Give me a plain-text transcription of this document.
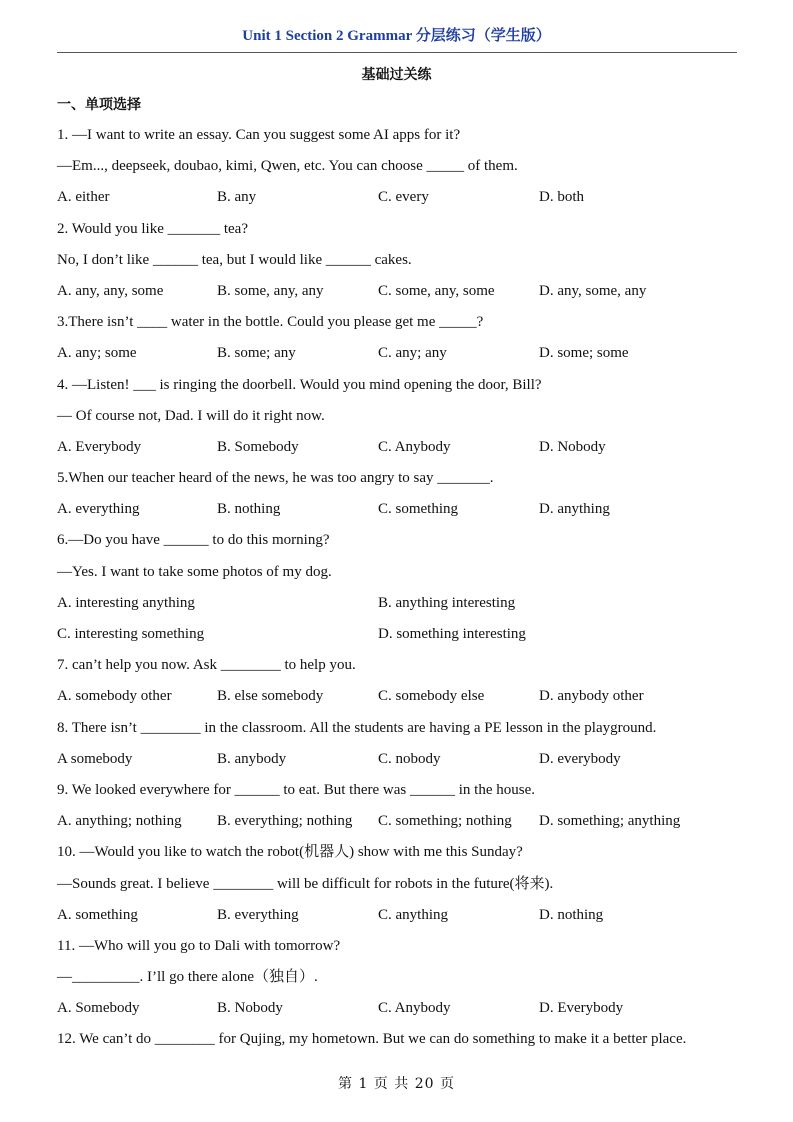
Unit 1 Section 2 Grammar 分层练习（学生版）
基础过关练
一、单项选择
1. —I want to write an essay. Can you suggest some AI apps for it?
—Em..., deepseek, doubao, kimi, Qwen, etc. You can choose _____ of them.
A. either	B. any	C. every	D. both
2. Would you like _______ tea?
No, I don’t like ______ tea, but I would like ______ cakes.
A. any, any, some	B. some, any, any	C. some, any, some	D. any, some, any
3.There isn’t ____ water in the bottle. Could you please get me _____?
A. any; some	B. some; any	C. any; any	D. some; some
4. —Listen! ___ is ringing the doorbell. Would you mind opening the door, Bill?
— Of course not, Dad. I will do it right now.
A. Everybody	B. Somebody	C. Anybody	D. Nobody
5.When our teacher heard of the news, he was too angry to say _______.
A. everything	B. nothing	C. something	D. anything
6.—Do you have ______ to do this morning?
—Yes. I want to take some photos of my dog.
A. interesting anything	B. anything interesting
C. interesting something	D. something interesting
7. can’t help you now. Ask ________ to help you.
A. somebody other	B. else somebody	C. somebody else	D. anybody other
8. There isn’t ________ in the classroom. All the students are having a PE lesson in the playground.
A somebody	B. anybody	C. nobody	D. everybody
9. We looked everywhere for ______ to eat. But there was ______ in the house.
A. anything; nothing B. everything; nothing C. something; nothing D. something; anything
10. —Would you like to watch the robot(机器人) show with me this Sunday?
—Sounds great. I believe ________ will be difficult for robots in the future(将来).
A. something	B. everything	C. anything	D. nothing
11. —Who will you go to Dali with tomorrow?
—_________. I’ll go there alone（独自）.
A. Somebody	B. Nobody	C. Anybody	D. Everybody
12. We can’t do ________ for Qujing, my hometown. But we can do something to make it a better place.
第 1 页 共 20 页
